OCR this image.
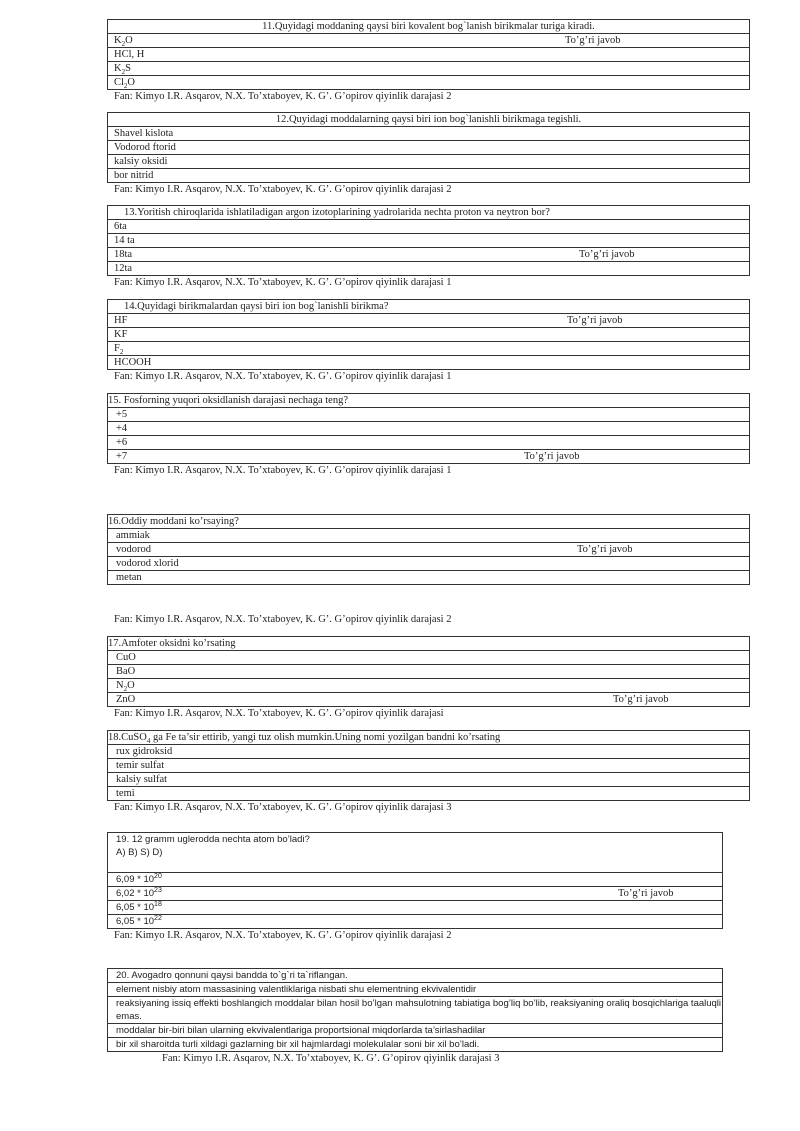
11.Quyidagi moddaning qaysi biri kovalent bog`lanish birikmalar turiga kiradi.
$K_2O$	To’g’ri javob
HCl, H
$K_2S$
$Cl_2O$
Fan: Kimyo I.R. Asqarov, N.X. To’xtaboyev, K. G’. G’opirov qiyinlik darajasi 2
12.Quyidagi moddalarning qaysi biri ion bog`lanishli birikmaga tegishli.
Shavel kislota
Vodorod ftorid
kalsiy oksidi
bor nitrid
Fan: Kimyo I.R. Asqarov, N.X. To’xtaboyev, K. G’. G’opirov qiyinlik darajasi 2
13.Yoritish chiroqlarida ishlatiladigan argon izotoplarining yadrolarida nechta proton va neytron bor?
6ta
14 ta
18ta	To’g’ri javob
12ta
Fan: Kimyo I.R. Asqarov, N.X. To’xtaboyev, K. G’. G’opirov qiyinlik darajasi 1
14.Quyidagi birikmalardan qaysi biri ion bog`lanishli birikma?
HF	To’g’ri javob
KF
$F_2$
HCOOH
Fan: Kimyo I.R. Asqarov, N.X. To’xtaboyev, K. G’. G’opirov qiyinlik darajasi 1
15. Fosforning yuqori oksidlanish darajasi nechaga teng?
+5
+4
+6
+7	To’g’ri javob
Fan: Kimyo I.R. Asqarov, N.X. To’xtaboyev, K. G’. G’opirov qiyinlik darajasi 1
16.Oddiy moddani ko’rsaying?
ammiak
vodorod	To’g’ri javob
vodorod xlorid
metan
Fan: Kimyo I.R. Asqarov, N.X. To’xtaboyev, K. G’. G’opirov qiyinlik darajasi 2
17.Amfoter oksidni ko’rsating
CuO
BaO
$N_2O$
ZnO	To’g’ri javob
Fan: Kimyo I.R. Asqarov, N.X. To’xtaboyev, K. G’. G’opirov qiyinlik darajasi
18.CuSO$_4$ ga Fe ta’sir ettirib, yangi tuz olish mumkin.Uning nomi yozilgan bandni ko’rsating
rux gidroksid
temir sulfat
kalsiy sulfat
temi
Fan: Kimyo I.R. Asqarov, N.X. To’xtaboyev, K. G’. G’opirov qiyinlik darajasi 3
19. 12 gramm uglerodda nechta atom bo’ladi?
A) B) S) D)
$6,09 * 10^{20}$
$6,02 * 10^{23}$	To’g’ri javob
$6,05 * 10^{18}$
$6,05 * 10^{22}$
Fan: Kimyo I.R. Asqarov, N.X. To’xtaboyev, K. G’. G’opirov qiyinlik darajasi 2
20. Avogadro qonnuni qaysi bandda to`g`ri ta`riflangan.
element nisbiy atom massasining valentliklariga nisbati shu elementning ekvivalentidir
reaksiyaning issiq effekti boshlangich moddalar bilan hosil bo’lgan mahsulotning tabiatiga bog’liq bo’lib, reaksiyaning oraliq bosqichlariga taaluqli emas.
moddalar bir-biri bilan ularning ekvivalentlariga proportsional miqdorlarda ta’sirlashadilar
bir xil sharoitda turli xildagi gazlarning bir xil hajmlardagi molekulalar soni bir xil bo’ladi.
Fan: Kimyo I.R. Asqarov, N.X. To’xtaboyev, K. G’. G’opirov qiyinlik darajasi 3
